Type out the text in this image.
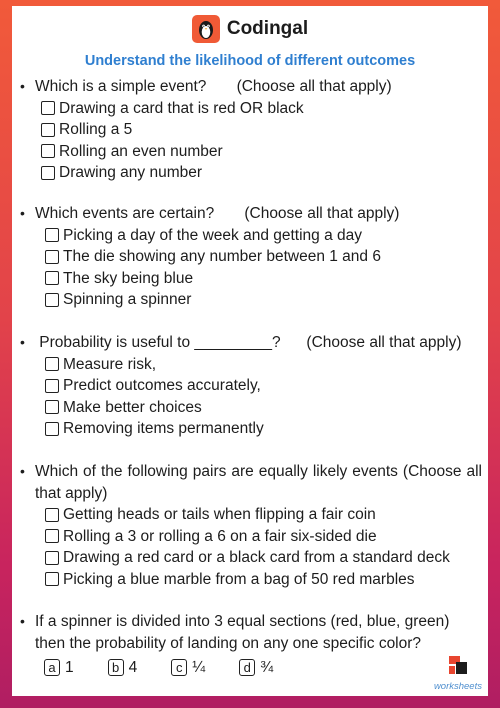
Codingal
Understand the likelihood of different outcomes
• Which is a simple event?       (Choose all that apply)
Drawing a card that is red OR black
Rolling a 5
Rolling an even number
Drawing any number
• Which events are certain?       (Choose all that apply)
Picking a day of the week and getting a day
The die showing any number between 1 and 6
The sky being blue
Spinning a spinner
• Probability is useful to _________?      (Choose all that apply)
Measure risk,
Predict outcomes accurately,
Make better choices
Removing items permanently
• Which of the following pairs are equally likely events (Choose all that apply)
Getting heads or tails when flipping a fair coin
Rolling a 3 or rolling a 6 on a fair six-sided die
Drawing a red card or a black card from a standard deck
Picking a blue marble from a bag of 50 red marbles
• If a spinner is divided into 3 equal sections (red, blue, green) then the probability of landing on any one specific color?
a 1	b 4	c ¼	d ¾
worksheets
